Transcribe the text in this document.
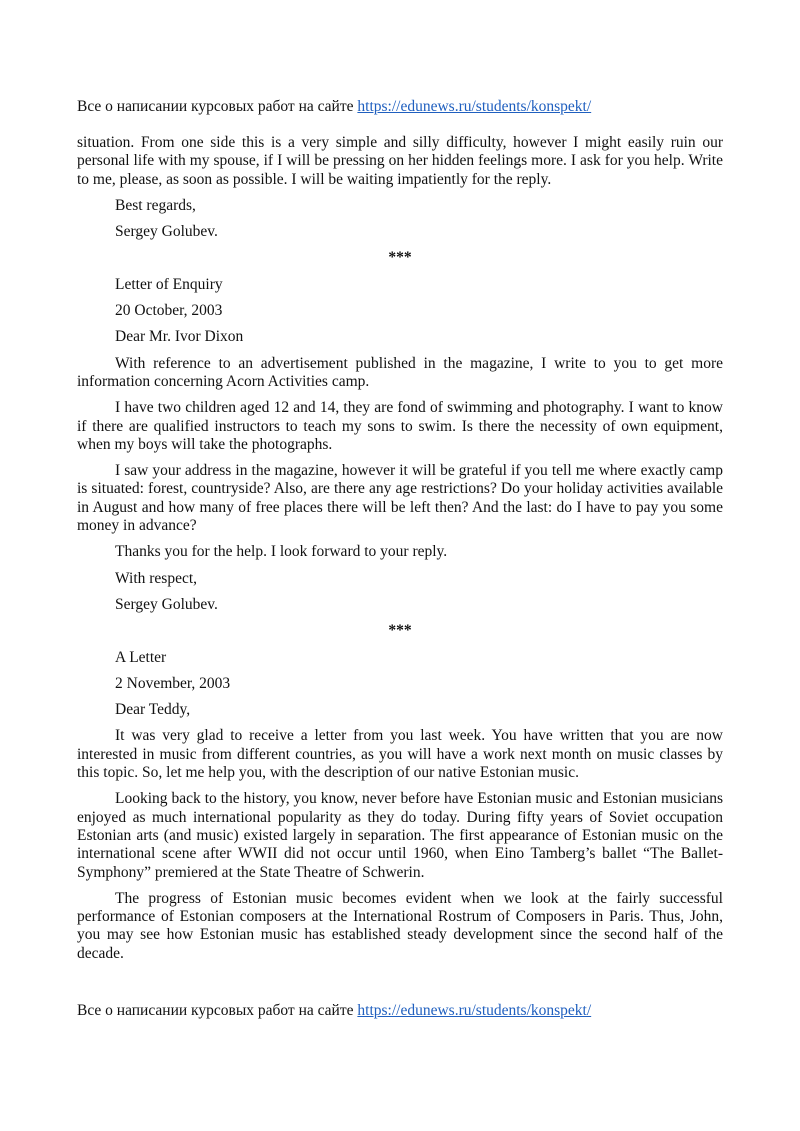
Все о написании курсовых работ на сайте https://edunews.ru/students/konspekt/

situation. From one side this is a very simple and silly difficulty, however I might easily ruin our personal life with my spouse, if I will be pressing on her hidden feelings more. I ask for you help. Write to me, please, as soon as possible. I will be waiting impatiently for the reply.

Best regards,

Sergey Golubev.

***

Letter of Enquiry

20 October, 2003

Dear Mr. Ivor Dixon

With reference to an advertisement published in the magazine, I write to you to get more information concerning Acorn Activities camp.

I have two children aged 12 and 14, they are fond of swimming and photography. I want to know if there are qualified instructors to teach my sons to swim. Is there the necessity of own equipment, when my boys will take the photographs.

I saw your address in the magazine, however it will be grateful if you tell me where exactly camp is situated: forest, countryside? Also, are there any age restrictions? Do your holiday activities available in August and how many of free places there will be left then? And the last: do I have to pay you some money in advance?

Thanks you for the help. I look forward to your reply.

With respect,

Sergey Golubev.

***

A Letter

2 November, 2003

Dear Teddy,

It was very glad to receive a letter from you last week. You have written that you are now interested in music from different countries, as you will have a work next month on music classes by this topic. So, let me help you, with the description of our native Estonian music.

Looking back to the history, you know, never before have Estonian music and Estonian musicians enjoyed as much international popularity as they do today. During fifty years of Soviet occupation Estonian arts (and music) existed largely in separation. The first appearance of Estonian music on the international scene after WWII did not occur until 1960, when Eino Tamberg’s ballet “The Ballet-Symphony” premiered at the State Theatre of Schwerin.

The progress of Estonian music becomes evident when we look at the fairly successful performance of Estonian composers at the International Rostrum of Composers in Paris. Thus, John, you may see how Estonian music has established steady development since the second half of the decade.

Все о написании курсовых работ на сайте https://edunews.ru/students/konspekt/
